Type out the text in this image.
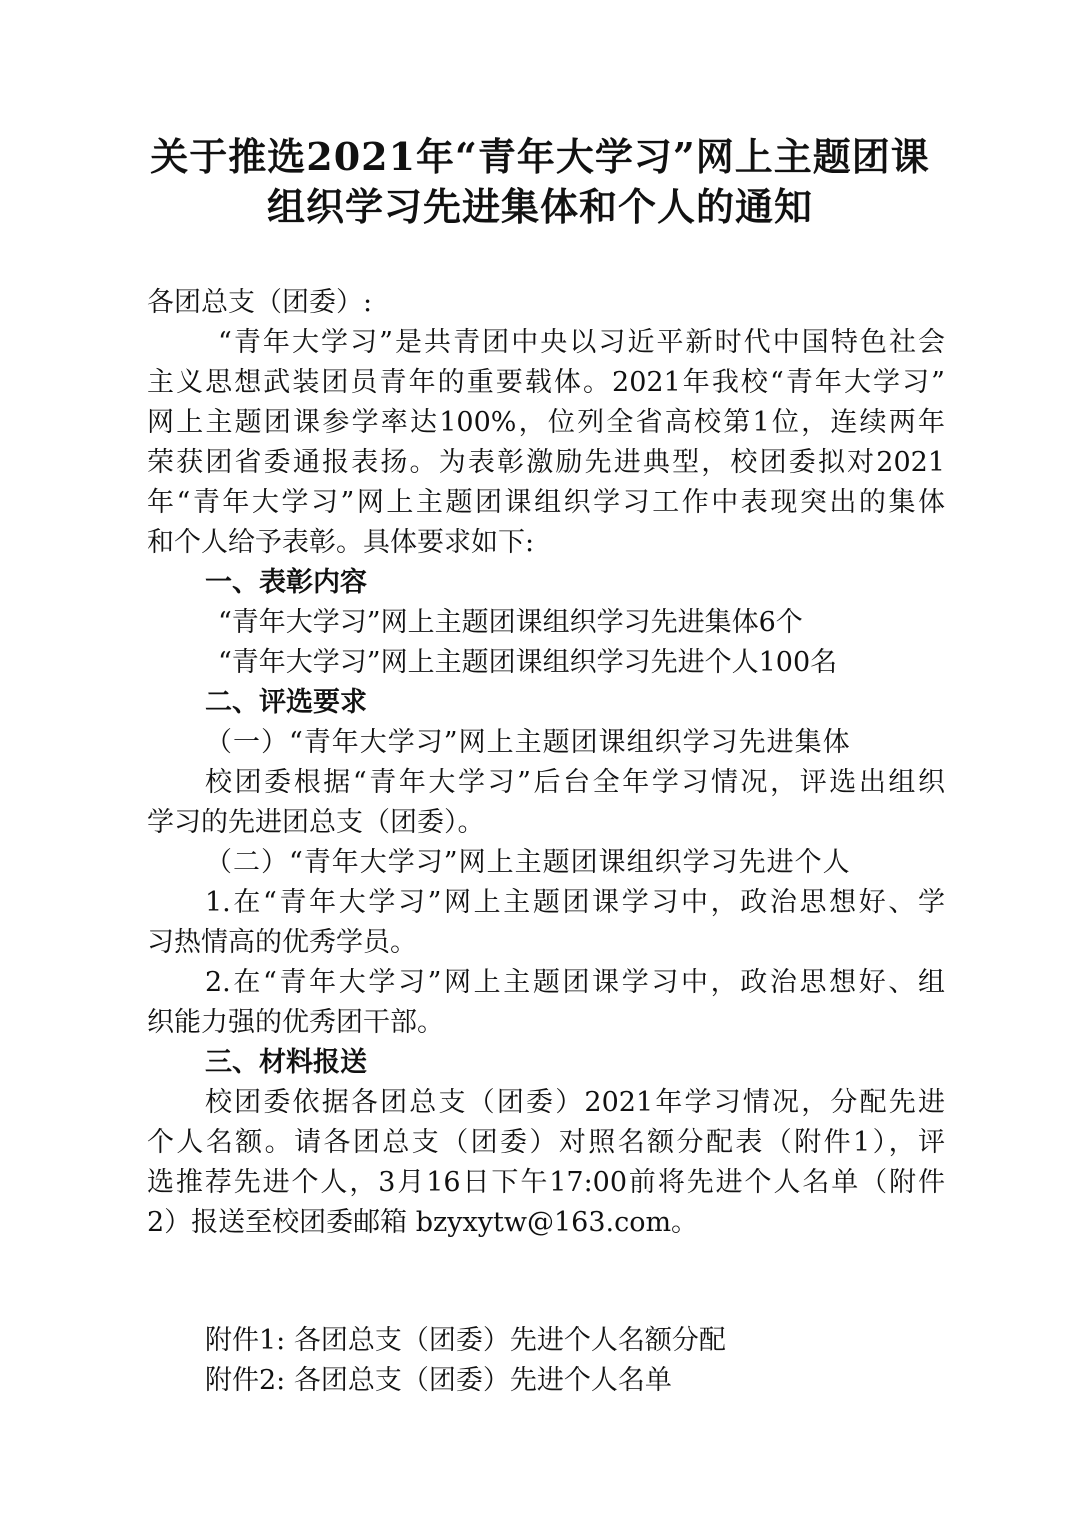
关于推选2021年“青年大学习”网上主题团课
组织学习先进集体和个人的通知
各团总支（团委）:
“青年大学习”是共青团中央以习近平新时代中国特色社会
主义思想武装团员青年的重要载体。2021年我校“青年大学习”
网上主题团课参学率达100%，位列全省高校第1位，连续两年
荣获团省委通报表扬。为表彰激励先进典型，校团委拟对2021
年“青年大学习”网上主题团课组织学习工作中表现突出的集体
和个人给予表彰。具体要求如下:
一、表彰内容
“青年大学习”网上主题团课组织学习先进集体6个
“青年大学习”网上主题团课组织学习先进个人100名
二、评选要求
（一）“青年大学习”网上主题团课组织学习先进集体
校团委根据“青年大学习”后台全年学习情况，评选出组织
学习的先进团总支（团委）。
（二）“青年大学习”网上主题团课组织学习先进个人
1.在“青年大学习”网上主题团课学习中，政治思想好、学
习热情高的优秀学员。
2.在“青年大学习”网上主题团课学习中，政治思想好、组
织能力强的优秀团干部。
三、材料报送
校团委依据各团总支（团委）2021年学习情况，分配先进
个人名额。请各团总支（团委）对照名额分配表（附件1），评
选推荐先进个人，3月16日下午17:00前将先进个人名单（附件
2）报送至校团委邮箱 bzyxytw@163.com。
附件1: 各团总支（团委）先进个人名额分配
附件2: 各团总支（团委）先进个人名单
